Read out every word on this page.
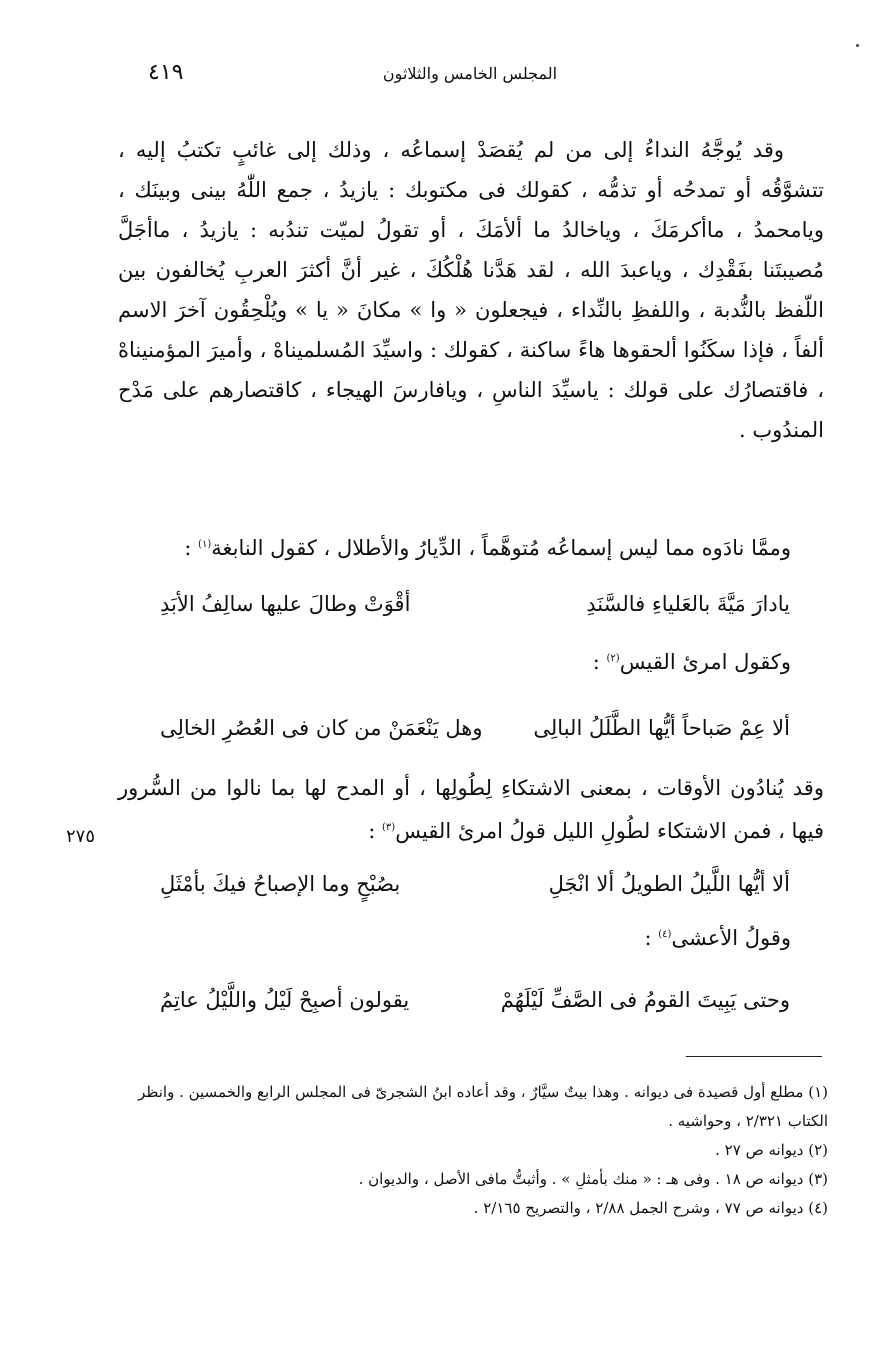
المجلس الخامس والثلاثون
٤١٩
٢٧٥

وقد يُوجَّهُ النداءُ إلى من لم يُقصَدْ إسماعُه ، وذلك إلى غائبٍ تكتبُ إليه ، تتشوَّقُه أو تمدحُه أو تذمُّه ، كقولك فى مكتوبك : يازيدُ ، جمع اللّٰهُ بينى وبينَك ، ويامحمدُ ، ماأكرمَكَ ، وياخالدُ ما ألأمَكَ ، أو تقولُ لميّت تندُبه : يازيدُ ، ماأجَلَّ مُصيبتَنا بفَقْدِك ، وياعبدَ الله ، لقد هَدَّنا هُلْكُكَ ، غير أنَّ أكثرَ العربِ يُخالفون بين اللّفظ بالنُّدبة ، واللفظِ بالنِّداء ، فيجعلون « وا » مكانَ « يا » ويُلْحِقُون آخرَ الاسم ألفاً ، فإذا سكَنُوا ألحقوها هاءً ساكنة ، كقولك : واسيِّدَ المُسلميناهْ ، وأميرَ المؤمنيناهْ ، فاقتصارُك على قولك : ياسيِّدَ الناسِ ، ويافارسَ الهيجاء ، كاقتصارهم على مَدْح المندُوب .

وممَّا نادَوه مما ليس إسماعُه مُتوهَّماً ، الدِّيارُ والأطلال ، كقول النابغة$^{(١)}$ :
يادارَ مَيَّةَ بالعَلياءِ فالسَّنَدِ
أقْوَتْ وطالَ عليها سالِفُ الأبَدِ
وكقول امرئ القيس$^{(٢)}$ :
ألا عِمْ صَباحاً أيُّها الطَّلَلُ البالِى
وهل يَنْعَمَنْ من كان فى العُصُرِ الخالِى
وقد يُنادُون الأوقات ، بمعنى الاشتكاءِ لِطُولِها ، أو المدح لها بما نالوا من السُّرور فيها ، فمن الاشتكاء لطُولِ الليل قولُ امرئ القيس$^{(٣)}$ :
ألا أيُّها اللَّيلُ الطويلُ ألا انْجَلِ
بصُبْحٍ وما الإصباحُ فيكَ بأمْثَلِ
وقولُ الأعشى$^{(٤)}$ :
وحتى يَبِيتَ القومُ فى الصَّفِّ لَيْلَهُمْ
يقولون أصبِحْ لَيْلُ واللَّيْلُ عاتِمُ

(١) مطلع أول قصيدة فى ديوانه . وهذا بيتٌ سيَّارٌ ، وقد أعاده ابنُ الشجرىّ فى المجلس الرابع والخمسين . وانظر الكتاب ٢/٣٢١ ، وحواشيه .

(٢) ديوانه ص ٢٧ .

(٣) ديوانه ص ١٨ . وفى هـ : « منك بأمثلِ » . وأثبتُّ مافى الأصل ، والديوان .

(٤) ديوانه ص ٧٧ ، وشرح الجمل ٢/٨٨ ، والتصريح ٢/١٦٥ .
